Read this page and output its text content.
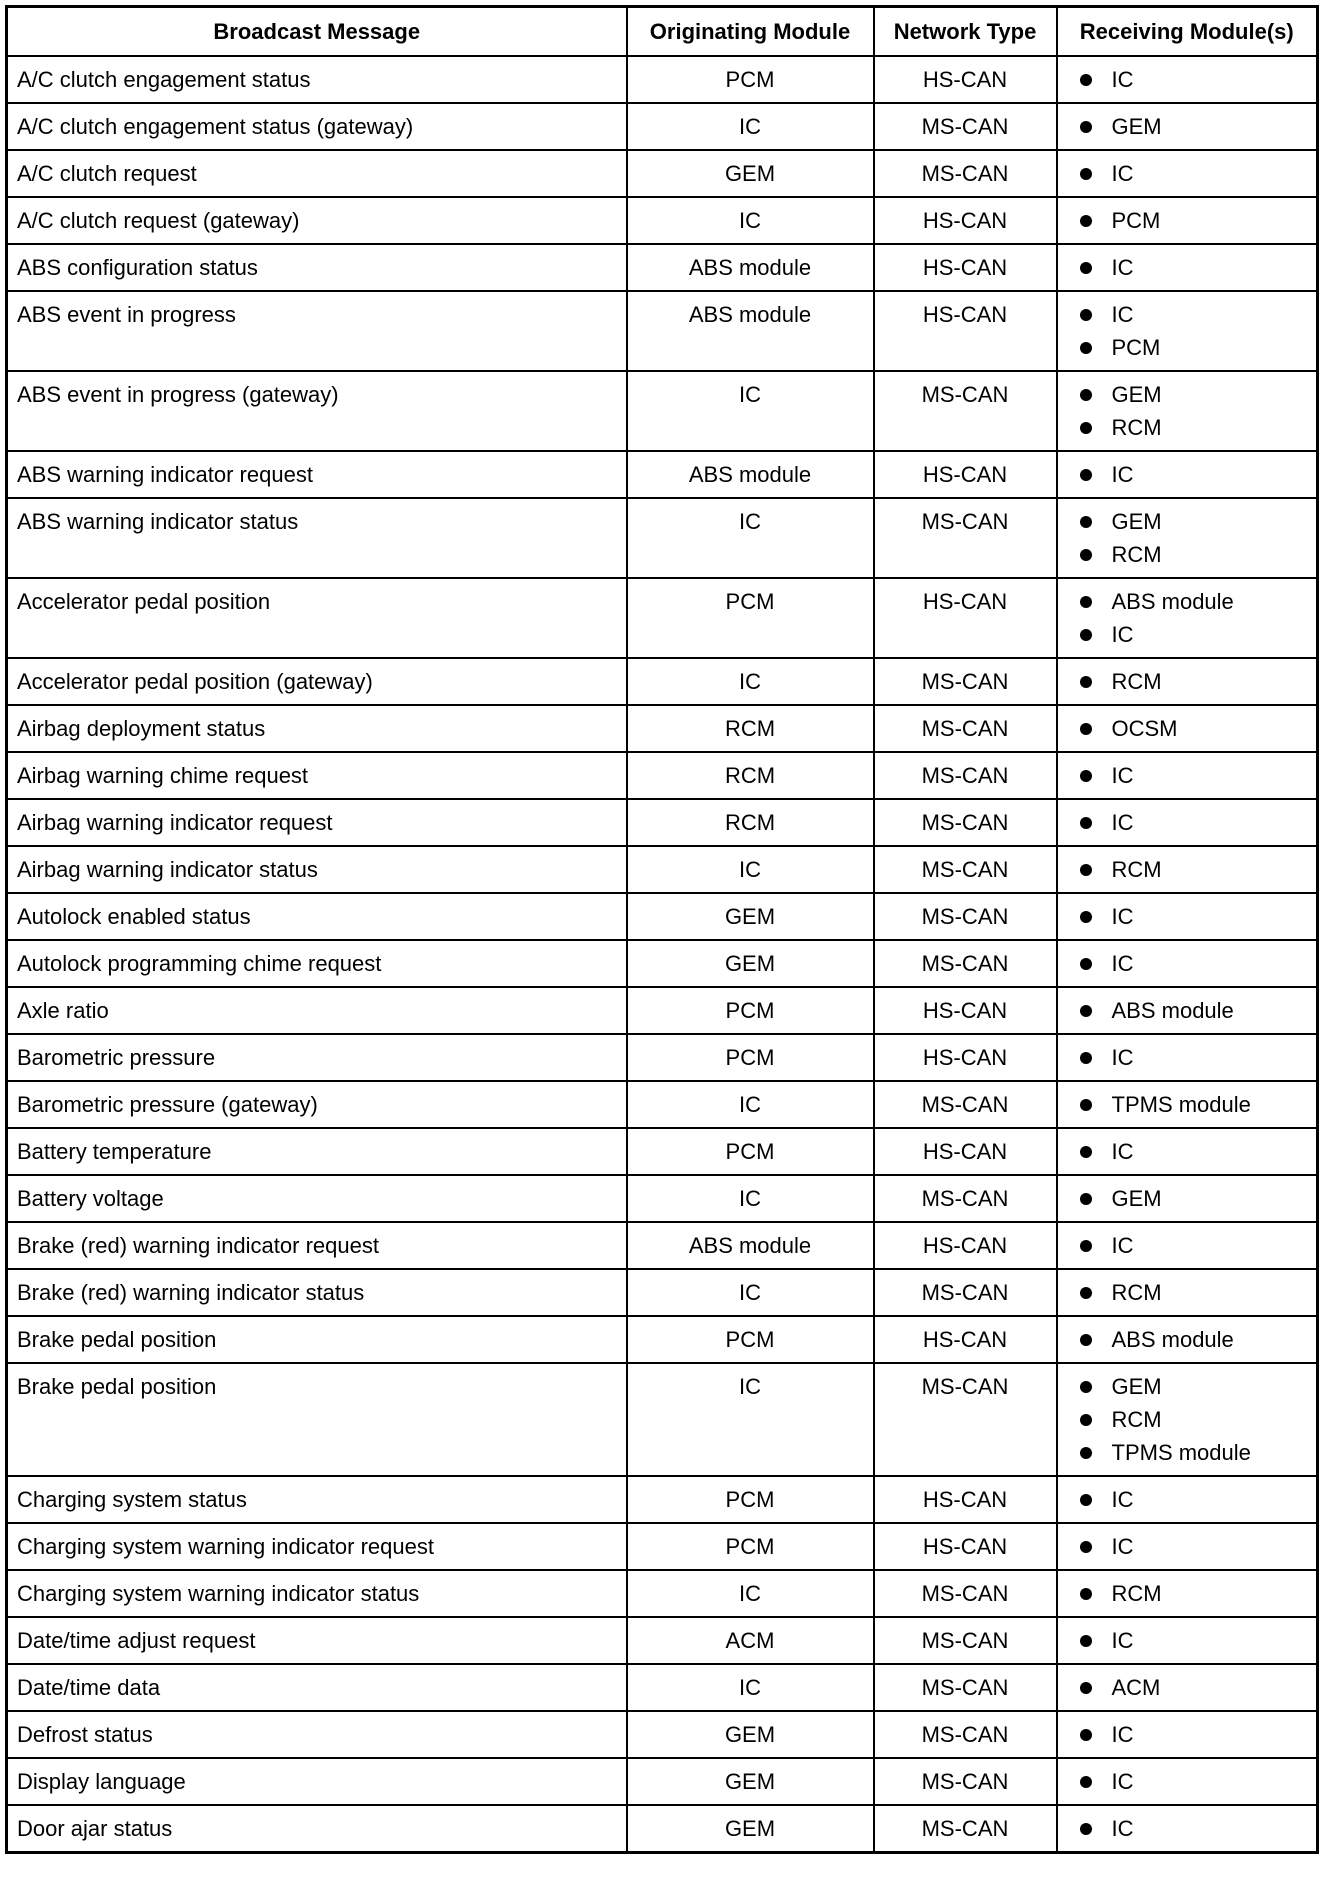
Broadcast Message	Originating Module	Network Type	Receiving Module(s)
A/C clutch engagement status	PCM	HS-CAN	IC

A/C clutch engagement status (gateway)	IC	MS-CAN	GEM

A/C clutch request	GEM	MS-CAN	IC

A/C clutch request (gateway)	IC	HS-CAN	PCM

ABS configuration status	ABS module	HS-CAN	IC

ABS event in progress	ABS module	HS-CAN	IC
PCM

ABS event in progress (gateway)	IC	MS-CAN	GEM
RCM

ABS warning indicator request	ABS module	HS-CAN	IC

ABS warning indicator status	IC	MS-CAN	GEM
RCM

Accelerator pedal position	PCM	HS-CAN	ABS module
IC

Accelerator pedal position (gateway)	IC	MS-CAN	RCM

Airbag deployment status	RCM	MS-CAN	OCSM

Airbag warning chime request	RCM	MS-CAN	IC

Airbag warning indicator request	RCM	MS-CAN	IC

Airbag warning indicator status	IC	MS-CAN	RCM

Autolock enabled status	GEM	MS-CAN	IC

Autolock programming chime request	GEM	MS-CAN	IC

Axle ratio	PCM	HS-CAN	ABS module

Barometric pressure	PCM	HS-CAN	IC

Barometric pressure (gateway)	IC	MS-CAN	TPMS module

Battery temperature	PCM	HS-CAN	IC

Battery voltage	IC	MS-CAN	GEM

Brake (red) warning indicator request	ABS module	HS-CAN	IC

Brake (red) warning indicator status	IC	MS-CAN	RCM

Brake pedal position	PCM	HS-CAN	ABS module

Brake pedal position	IC	MS-CAN	GEM
RCM
TPMS module

Charging system status	PCM	HS-CAN	IC

Charging system warning indicator request	PCM	HS-CAN	IC

Charging system warning indicator status	IC	MS-CAN	RCM

Date/time adjust request	ACM	MS-CAN	IC

Date/time data	IC	MS-CAN	ACM

Defrost status	GEM	MS-CAN	IC

Display language	GEM	MS-CAN	IC

Door ajar status	GEM	MS-CAN	IC
